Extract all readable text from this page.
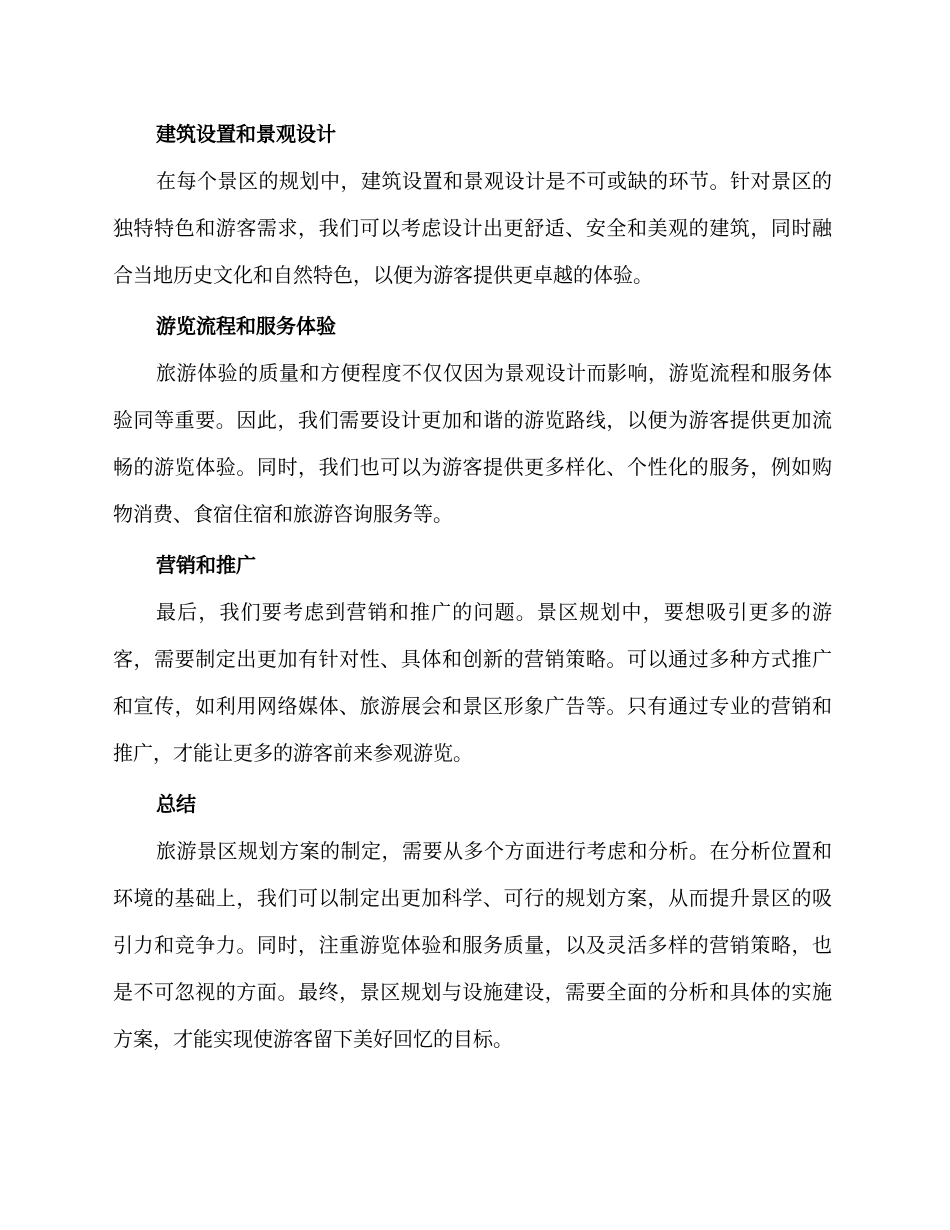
建筑设置和景观设计

在每个景区的规划中，建筑设置和景观设计是不可或缺的环节。针对景区的独特特色和游客需求，我们可以考虑设计出更舒适、安全和美观的建筑，同时融合当地历史文化和自然特色，以便为游客提供更卓越的体验。

游览流程和服务体验

旅游体验的质量和方便程度不仅仅因为景观设计而影响，游览流程和服务体验同等重要。因此，我们需要设计更加和谐的游览路线，以便为游客提供更加流畅的游览体验。同时，我们也可以为游客提供更多样化、个性化的服务，例如购物消费、食宿住宿和旅游咨询服务等。

营销和推广

最后，我们要考虑到营销和推广的问题。景区规划中，要想吸引更多的游客，需要制定出更加有针对性、具体和创新的营销策略。可以通过多种方式推广和宣传，如利用网络媒体、旅游展会和景区形象广告等。只有通过专业的营销和推广，才能让更多的游客前来参观游览。

总结

旅游景区规划方案的制定，需要从多个方面进行考虑和分析。在分析位置和环境的基础上，我们可以制定出更加科学、可行的规划方案，从而提升景区的吸引力和竞争力。同时，注重游览体验和服务质量，以及灵活多样的营销策略，也是不可忽视的方面。最终，景区规划与设施建设，需要全面的分析和具体的实施方案，才能实现使游客留下美好回忆的目标。
